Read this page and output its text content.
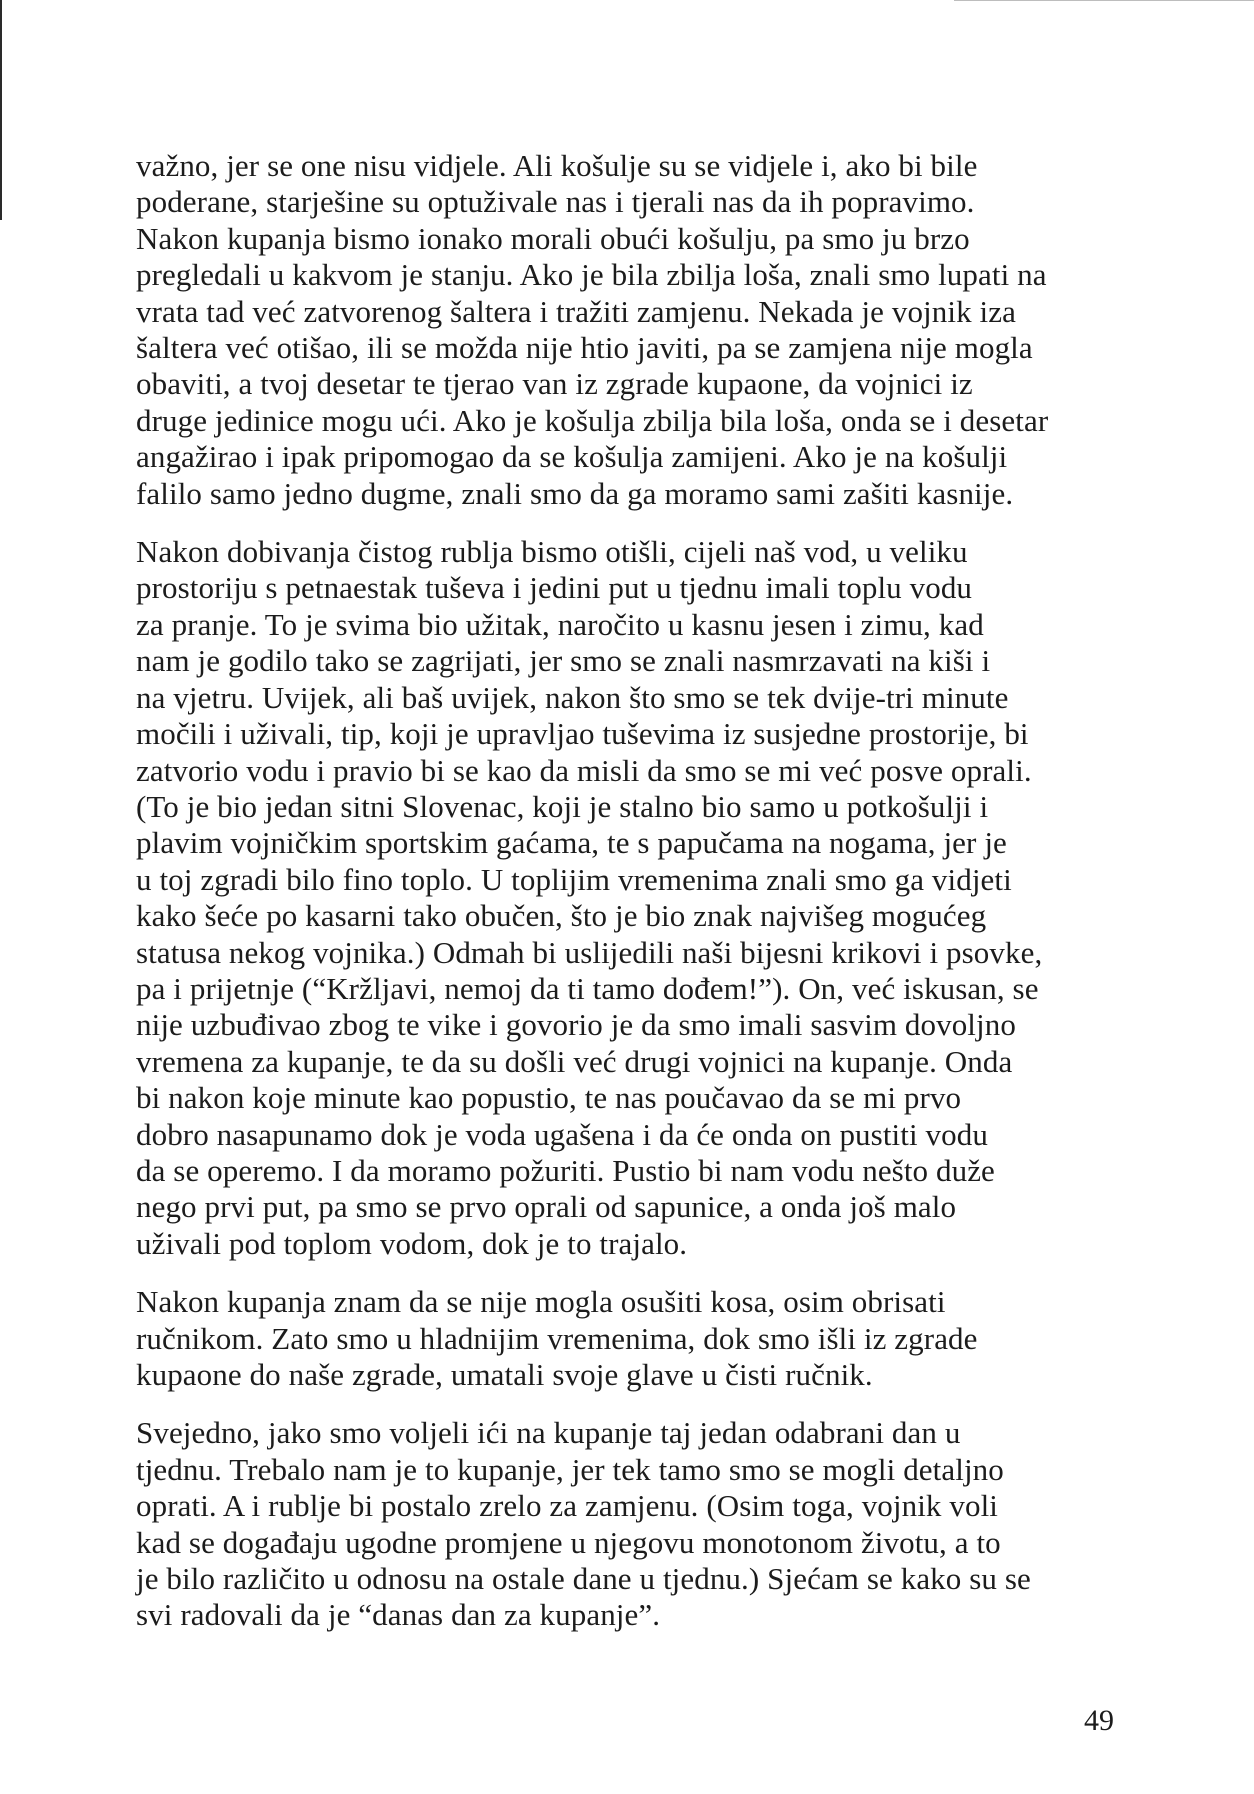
važno, jer se one nisu vidjele. Ali košulje su se vidjele i, ako bi bile
poderane, starješine su optuživale nas i tjerali nas da ih popravimo.
Nakon kupanja bismo ionako morali obući košulju, pa smo ju brzo
pregledali u kakvom je stanju. Ako je bila zbilja loša, znali smo lupati na
vrata tad već zatvorenog šaltera i tražiti zamjenu. Nekada je vojnik iza
šaltera već otišao, ili se možda nije htio javiti, pa se zamjena nije mogla
obaviti, a tvoj desetar te tjerao van iz zgrade kupaone, da vojnici iz
druge jedinice mogu ući. Ako je košulja zbilja bila loša, onda se i desetar
angažirao i ipak pripomogao da se košulja zamijeni. Ako je na košulji
falilo samo jedno dugme, znali smo da ga moramo sami zašiti kasnije.
Nakon dobivanja čistog rublja bismo otišli, cijeli naš vod, u veliku
prostoriju s petnaestak tuševa i jedini put u tjednu imali toplu vodu
za pranje. To je svima bio užitak, naročito u kasnu jesen i zimu, kad
nam je godilo tako se zagrijati, jer smo se znali nasmrzavati na kiši i
na vjetru. Uvijek, ali baš uvijek, nakon što smo se tek dvije-tri minute
močili i uživali, tip, koji je upravljao tuševima iz susjedne prostorije, bi
zatvorio vodu i pravio bi se kao da misli da smo se mi već posve oprali.
(To je bio jedan sitni Slovenac, koji je stalno bio samo u potkošulji i
plavim vojničkim sportskim gaćama, te s papučama na nogama, jer je
u toj zgradi bilo fino toplo. U toplijim vremenima znali smo ga vidjeti
kako šeće po kasarni tako obučen, što je bio znak najvišeg mogućeg
statusa nekog vojnika.) Odmah bi uslijedili naši bijesni krikovi i psovke,
pa i prijetnje (“Kržljavi, nemoj da ti tamo dođem!”). On, već iskusan, se
nije uzbuđivao zbog te vike i govorio je da smo imali sasvim dovoljno
vremena za kupanje, te da su došli već drugi vojnici na kupanje. Onda
bi nakon koje minute kao popustio, te nas poučavao da se mi prvo
dobro nasapunamo dok je voda ugašena i da će onda on pustiti vodu
da se operemo. I da moramo požuriti. Pustio bi nam vodu nešto duže
nego prvi put, pa smo se prvo oprali od sapunice, a onda još malo
uživali pod toplom vodom, dok je to trajalo.
Nakon kupanja znam da se nije mogla osušiti kosa, osim obrisati
ručnikom. Zato smo u hladnijim vremenima, dok smo išli iz zgrade
kupaone do naše zgrade, umatali svoje glave u čisti ručnik.
Svejedno, jako smo voljeli ići na kupanje taj jedan odabrani dan u
tjednu. Trebalo nam je to kupanje, jer tek tamo smo se mogli detaljno
oprati. A i rublje bi postalo zrelo za zamjenu. (Osim toga, vojnik voli
kad se događaju ugodne promjene u njegovu monotonom životu, a to
je bilo različito u odnosu na ostale dane u tjednu.) Sjećam se kako su se
svi radovali da je “danas dan za kupanje”.
49
